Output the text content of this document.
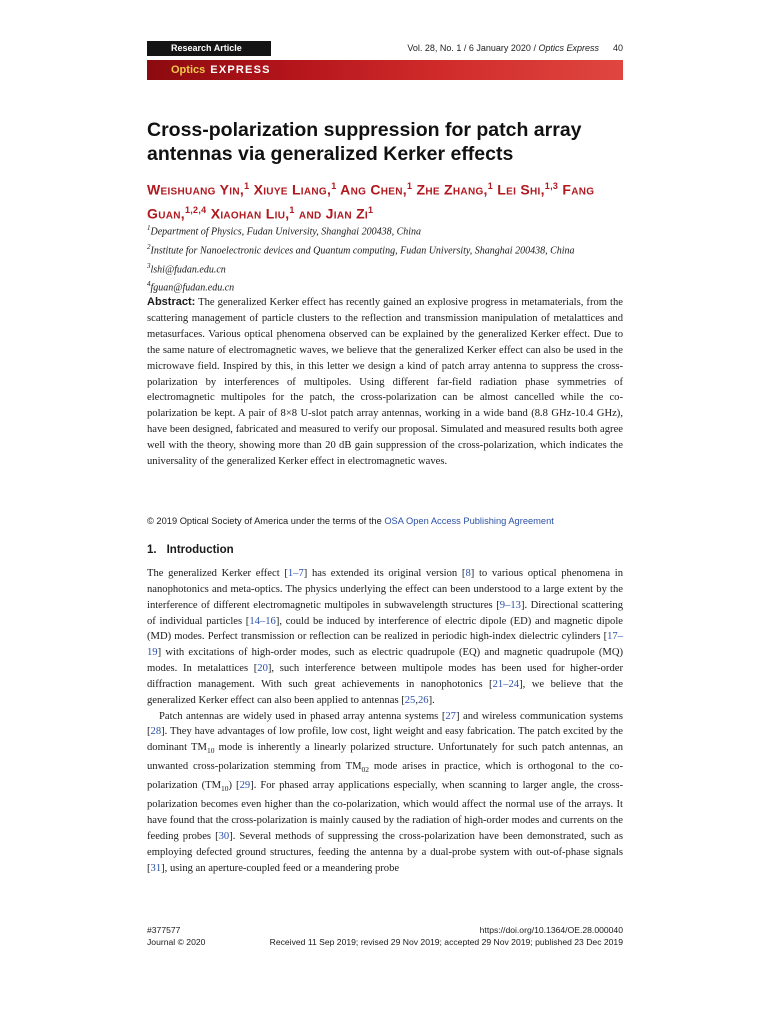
Research Article	Vol. 28, No. 1 / 6 January 2020 / Optics Express 40
Optics EXPRESS
Cross-polarization suppression for patch array antennas via generalized Kerker effects
Weishuang Yin,$^1$ Xiuye Liang,$^1$ Ang Chen,$^1$ Zhe Zhang,$^1$ Lei Shi,$^{1,3}$ Fang Guan,$^{1,2,4}$ Xiaohan Liu,$^1$ and Jian Zi$^1$
$^1$Department of Physics, Fudan University, Shanghai 200438, China
$^2$Institute for Nanoelectronic devices and Quantum computing, Fudan University, Shanghai 200438, China
$^3$lshi@fudan.edu.cn
$^4$fguan@fudan.edu.cn

Abstract: The generalized Kerker effect has recently gained an explosive progress in metamaterials, from the scattering management of particle clusters to the reflection and transmission manipulation of metalattices and metasurfaces. Various optical phenomena observed can be explained by the generalized Kerker effect. Due to the same nature of electromagnetic waves, we believe that the generalized Kerker effect can also be used in the microwave field. Inspired by this, in this letter we design a kind of patch array antenna to suppress the cross-polarization by interferences of multipoles. Using different far-field radiation phase symmetries of electromagnetic multipoles for the patch, the cross-polarization can be almost cancelled while the co-polarization be kept. A pair of 8×8 U-slot patch array antennas, working in a wide band (8.8 GHz-10.4 GHz), have been designed, fabricated and measured to verify our proposal. Simulated and measured results both agree well with the theory, showing more than 20 dB gain suppression of the cross-polarization, which indicates the universality of the generalized Kerker effect in electromagnetic waves.

© 2019 Optical Society of America under the terms of the OSA Open Access Publishing Agreement
1. Introduction

The generalized Kerker effect [1–7] has extended its original version [8] to various optical phenomena in nanophotonics and meta-optics. The physics underlying the effect can been understood to a large extent by the interference of different electromagnetic multipoles in subwavelength structures [9–13]. Directional scattering of individual particles [14–16], could be induced by interference of electric dipole (ED) and magnetic dipole (MD) modes. Perfect transmission or reflection can be realized in periodic high-index dielectric cylinders [17–19] with excitations of high-order modes, such as electric quadrupole (EQ) and magnetic quadrupole (MQ) modes. In metalattices [20], such interference between multipole modes has been used for higher-order diffraction management. With such great achievements in nanophotonics [21–24], we believe that the generalized Kerker effect can also been applied to antennas [25,26].

Patch antennas are widely used in phased array antenna systems [27] and wireless communication systems [28]. They have advantages of low profile, low cost, light weight and easy fabrication. The patch excited by the dominant $TM_{10}$ mode is inherently a linearly polarized structure. Unfortunately for such patch antennas, an unwanted cross-polarization stemming from $TM_{02}$ mode arises in practice, which is orthogonal to the co-polarization $(TM_{10})$ [29]. For phased array applications especially, when scanning to larger angle, the cross-polarization becomes even higher than the co-polarization, which would affect the normal use of the arrays. It have found that the cross-polarization is mainly caused by the radiation of high-order modes and currents on the feeding probes [30]. Several methods of suppressing the cross-polarization have been demonstrated, such as employing defected ground structures, feeding the antenna by a dual-probe system with out-of-phase signals [31], using an aperture-coupled feed or a meandering probe

#377577
Journal © 2020
https://doi.org/10.1364/OE.28.000040
Received 11 Sep 2019; revised 29 Nov 2019; accepted 29 Nov 2019; published 23 Dec 2019
